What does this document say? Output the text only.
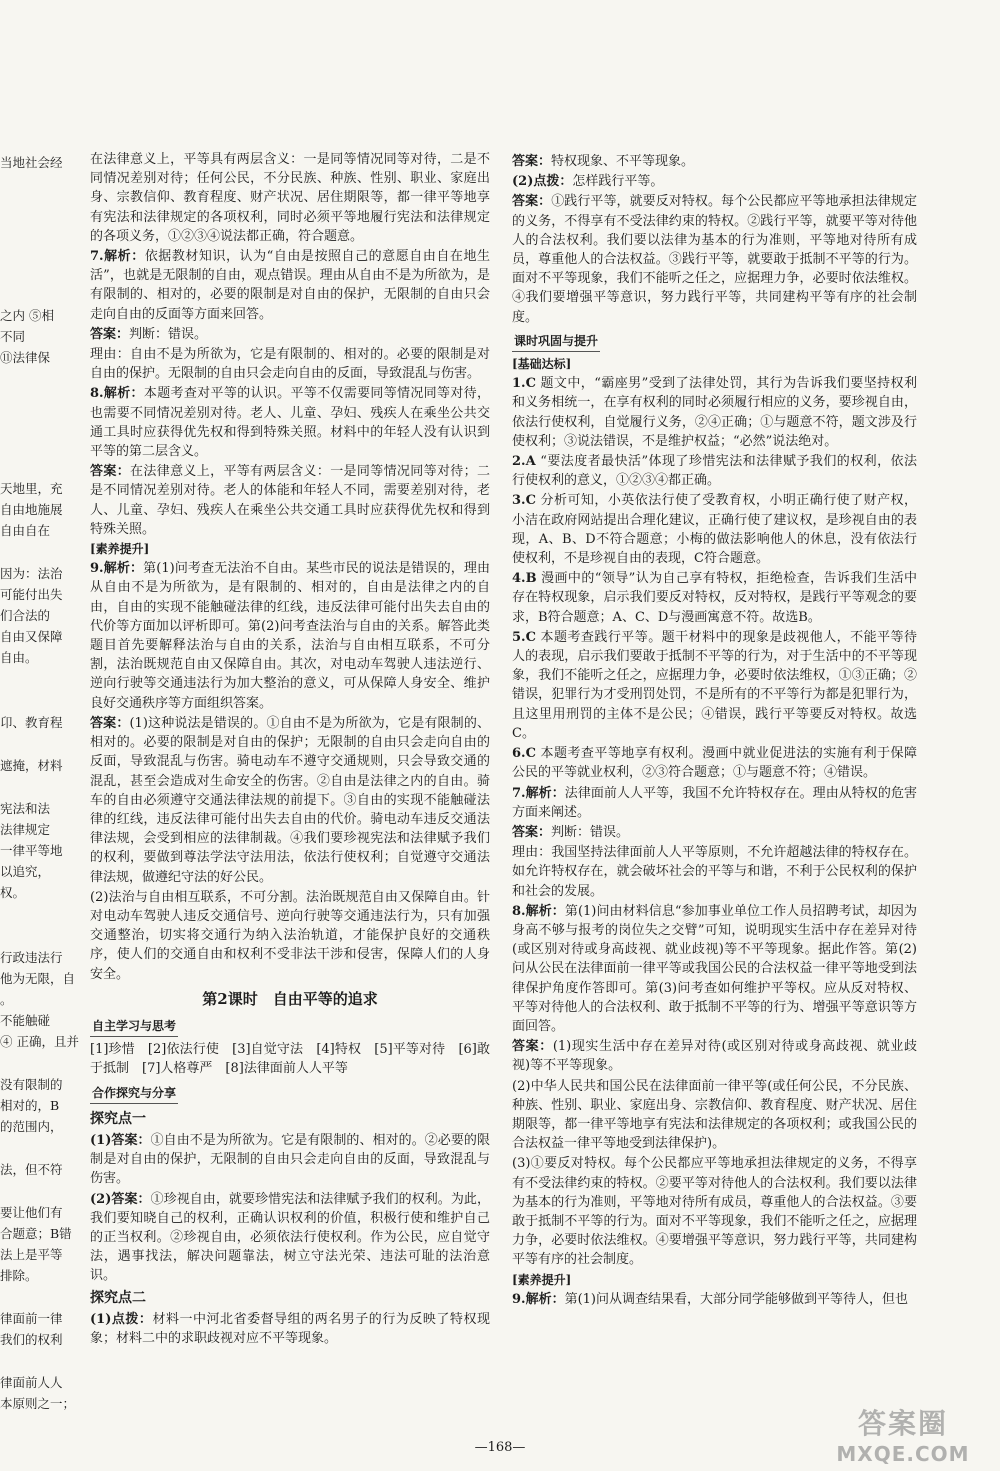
当地社会经

之内 ⑤相

不同

⑪法律保

天地里，充

自由地施展

自由自在

因为：法治

可能付出失

们合法的

自由又保障

自由。

卬、教育程

遮掩，材料

宪法和法

法律规定

一律平等地

以追究，

权。

行政违法行

他为无限，自

。

不能触碰

④ 正确，且并

没有限制的

相对的，B

的范围内，

法，但不符

要让他们有

合题意；B错

法上是平等

排除。

律面前一律

我们的权利

律面前人人

本原则之一；

在法律意义上，平等具有两层含义：一是同等情况同等对待，二是不同情况差别对待；任何公民，不分民族、种族、性别、职业、家庭出身、宗教信仰、教育程度、财产状况、居住期限等，都一律平等地享有宪法和法律规定的各项权利，同时必须平等地履行宪法和法律规定的各项义务，①②③④说法都正确，符合题意。

7.解析：依据教材知识，认为“自由是按照自己的意愿自由自在地生活”，也就是无限制的自由，观点错误。理由从自由不是为所欲为，是有限制的、相对的，必要的限制是对自由的保护，无限制的自由只会走向自由的反面等方面来回答。

答案：判断：错误。

理由：自由不是为所欲为，它是有限制的、相对的。必要的限制是对自由的保护。无限制的自由只会走向自由的反面，导致混乱与伤害。

8.解析：本题考查对平等的认识。平等不仅需要同等情况同等对待，也需要不同情况差别对待。老人、儿童、孕妇、残疾人在乘坐公共交通工具时应获得优先权和得到特殊关照。材料中的年轻人没有认识到平等的第二层含义。

答案：在法律意义上，平等有两层含义：一是同等情况同等对待；二是不同情况差别对待。老人的体能和年轻人不同，需要差别对待，老人、儿童、孕妇、残疾人在乘坐公共交通工具时应获得优先权和得到特殊关照。

[素养提升]

9.解析：第(1)问考查无法治不自由。某些市民的说法是错误的，理由从自由不是为所欲为，是有限制的、相对的，自由是法律之内的自由，自由的实现不能触碰法律的红线，违反法律可能付出失去自由的代价等方面加以评析即可。第(2)问考查法治与自由的关系。解答此类题目首先要解释法治与自由的关系，法治与自由相互联系，不可分割，法治既规范自由又保障自由。其次，对电动车驾驶人违法逆行、逆向行驶等交通违法行为加大整治的意义，可从保障人身安全、维护良好交通秩序等方面组织答案。

答案：(1)这种说法是错误的。①自由不是为所欲为，它是有限制的、相对的。必要的限制是对自由的保护；无限制的自由只会走向自由的反面，导致混乱与伤害。骑电动车不遵守交通规则，只会导致交通的混乱，甚至会造成对生命安全的伤害。②自由是法律之内的自由。骑车的自由必须遵守交通法律法规的前提下。③自由的实现不能触碰法律的红线，违反法律可能付出失去自由的代价。骑电动车违反交通法律法规，会受到相应的法律制裁。④我们要珍视宪法和法律赋予我们的权利，要做到尊法学法守法用法，依法行使权利；自觉遵守交通法律法规，做遵纪守法的好公民。

(2)法治与自由相互联系，不可分割。法治既规范自由又保障自由。针对电动车驾驶人违反交通信号、逆向行驶等交通违法行为，只有加强交通整治，切实将交通行为纳入法治轨道，才能保护良好的交通秩序，使人们的交通自由和权利不受非法干涉和侵害，保障人们的人身安全。

第2课时　自由平等的追求
自主学习与思考

[1]珍惜　[2]依法行使　[3]自觉守法　[4]特权　[5]平等对待　[6]敢于抵制　[7]人格尊严　[8]法律面前人人平等

合作探究与分享
探究点一

(1)答案：①自由不是为所欲为。它是有限制的、相对的。②必要的限制是对自由的保护，无限制的自由只会走向自由的反面，导致混乱与伤害。

(2)答案：①珍视自由，就要珍惜宪法和法律赋予我们的权利。为此，我们要知晓自己的权利，正确认识权利的价值，积极行使和维护自己的正当权利。②珍视自由，必须依法行使权利。作为公民，应自觉守法，遇事找法，解决问题靠法，树立守法光荣、违法可耻的法治意识。

探究点二

(1)点拨：材料一中河北省委督导组的两名男子的行为反映了特权现象；材料二中的求职歧视对应不平等现象。

答案：特权现象、不平等现象。

(2)点拨：怎样践行平等。

答案：①践行平等，就要反对特权。每个公民都应平等地承担法律规定的义务，不得享有不受法律约束的特权。②践行平等，就要平等对待他人的合法权利。我们要以法律为基本的行为准则，平等地对待所有成员，尊重他人的合法权益。③践行平等，就要敢于抵制不平等的行为。面对不平等现象，我们不能听之任之，应据理力争，必要时依法维权。④我们要增强平等意识，努力践行平等，共同建构平等有序的社会制度。

课时巩固与提升
[基础达标]

1.C 题文中，“霸座男”受到了法律处罚，其行为告诉我们要坚持权利和义务相统一，在享有权利的同时必须履行相应的义务，要珍视自由，依法行使权利，自觉履行义务，②④正确；①与题意不符，题文涉及行使权利；③说法错误，不是维护权益；“必然”说法绝对。

2.A “要法度者最快活”体现了珍惜宪法和法律赋予我们的权利，依法行使权利的意义，①②③④都正确。

3.C 分析可知，小英依法行使了受教育权，小明正确行使了财产权，小洁在政府网站提出合理化建议，正确行使了建议权，是珍视自由的表现，A、B、D不符合题意；小梅的做法影响他人的休息，没有依法行使权利，不是珍视自由的表现，C符合题意。

4.B 漫画中的“领导”认为自己享有特权，拒绝检查，告诉我们生活中存在特权现象，启示我们要反对特权，反对特权，是践行平等观念的要求，B符合题意；A、C、D与漫画寓意不符。故选B。

5.C 本题考查践行平等。题干材料中的现象是歧视他人，不能平等待人的表现，启示我们要敢于抵制不平等的行为，对于生活中的不平等现象，我们不能听之任之，应据理力争，必要时依法维权，①③正确；②错误，犯罪行为才受刑罚处罚，不是所有的不平等行为都是犯罪行为，且这里用刑罚的主体不是公民；④错误，践行平等要反对特权。故选C。

6.C 本题考查平等地享有权利。漫画中就业促进法的实施有利于保障公民的平等就业权利，②③符合题意；①与题意不符；④错误。

7.解析：法律面前人人平等，我国不允许特权存在。理由从特权的危害方面来阐述。

答案：判断：错误。

理由：我国坚持法律面前人人平等原则，不允许超越法律的特权存在。如允许特权存在，就会破坏社会的平等与和谐，不利于公民权利的保护和社会的发展。

8.解析：第(1)问由材料信息“参加事业单位工作人员招聘考试，却因为身高不够与报考的岗位失之交臂”可知，说明现实生活中存在差异对待(或区别对待或身高歧视、就业歧视)等不平等现象。据此作答。第(2)问从公民在法律面前一律平等或我国公民的合法权益一律平等地受到法律保护角度作答即可。第(3)问考查如何维护平等权。应从反对特权、平等对待他人的合法权利、敢于抵制不平等的行为、增强平等意识等方面回答。

答案：(1)现实生活中存在差异对待(或区别对待或身高歧视、就业歧视)等不平等现象。

(2)中华人民共和国公民在法律面前一律平等(或任何公民，不分民族、种族、性别、职业、家庭出身、宗教信仰、教育程度、财产状况、居住期限等，都一律平等地享有宪法和法律规定的各项权利；或我国公民的合法权益一律平等地受到法律保护)。

(3)①要反对特权。每个公民都应平等地承担法律规定的义务，不得享有不受法律约束的特权。②要平等对待他人的合法权利。我们要以法律为基本的行为准则，平等地对待所有成员，尊重他人的合法权益。③要敢于抵制不平等的行为。面对不平等现象，我们不能听之任之，应据理力争，必要时依法维权。④要增强平等意识，努力践行平等，共同建构平等有序的社会制度。

[素养提升]

9.解析：第(1)问从调查结果看，大部分同学能够做到平等待人，但也

—168—
答案圈
MXQE.COM
